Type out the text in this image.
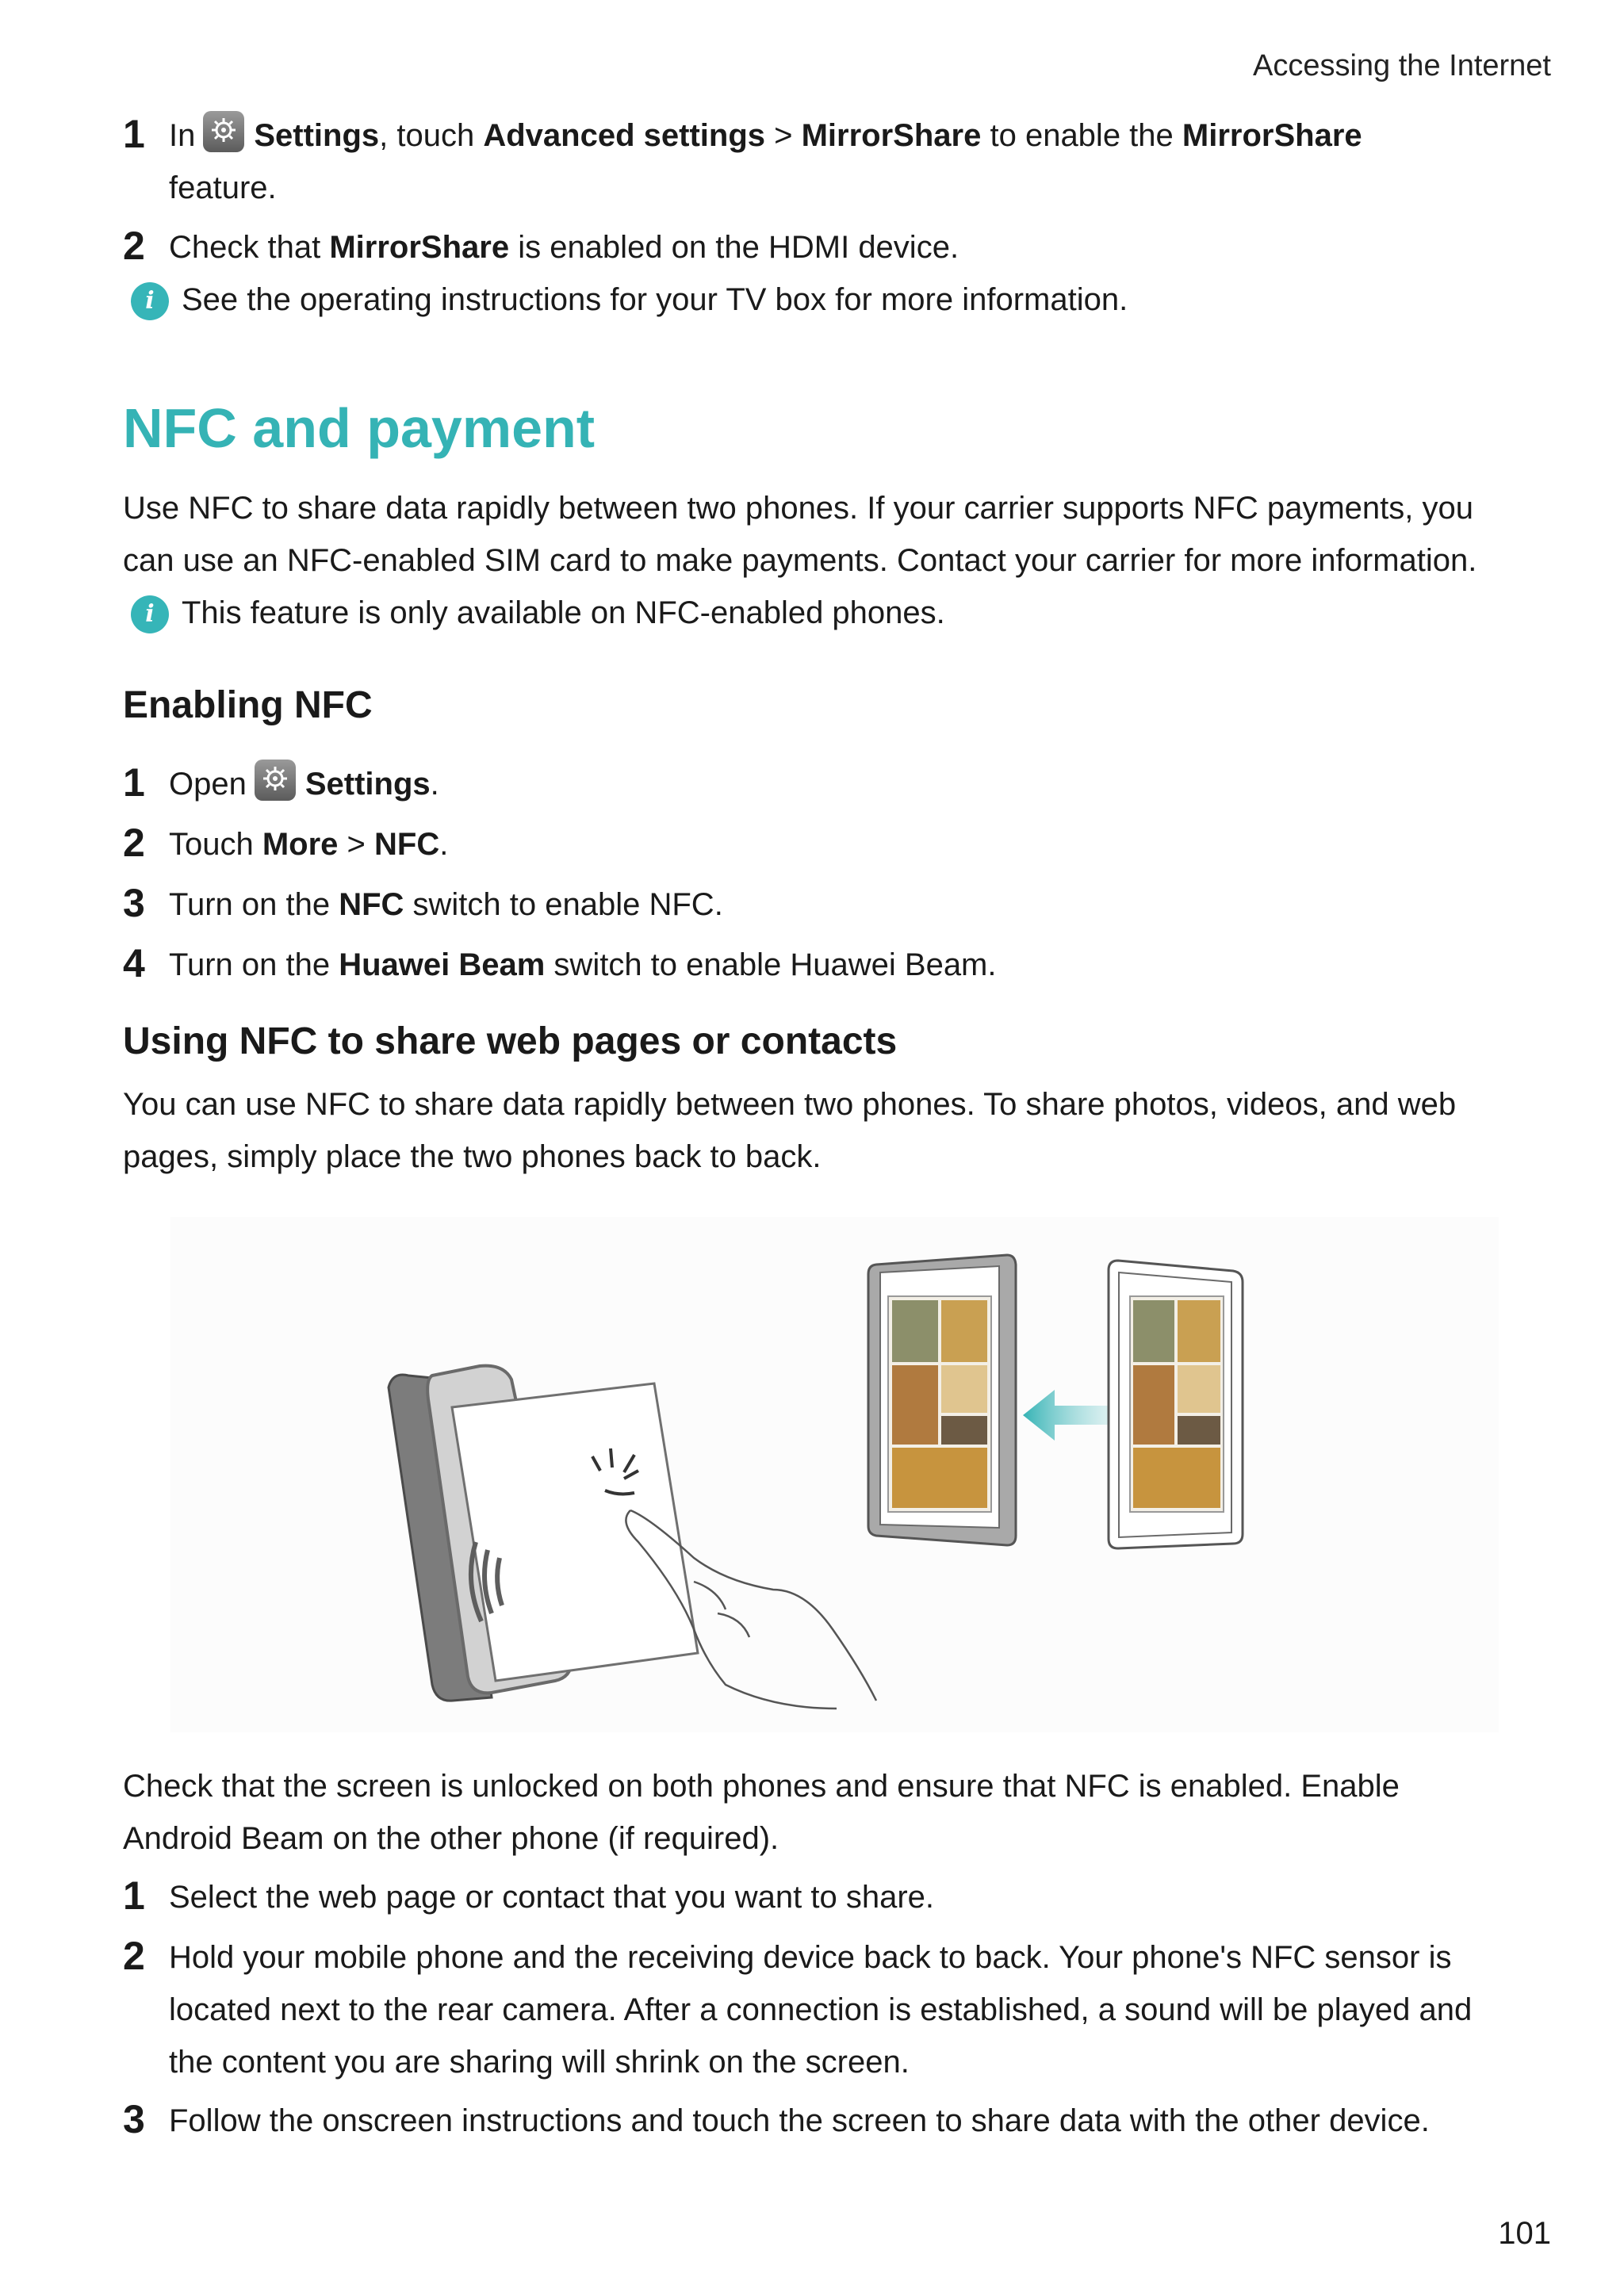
Accessing the Internet
1 In Settings, touch Advanced settings > MirrorShare to enable the MirrorShare
feature.
2 Check that MirrorShare is enabled on the HDMI device.
i See the operating instructions for your TV box for more information.
NFC and payment
Use NFC to share data rapidly between two phones. If your carrier supports NFC payments, you
can use an NFC-enabled SIM card to make payments. Contact your carrier for more information.
i This feature is only available on NFC-enabled phones.
Enabling NFC
1 Open Settings.
2 Touch More > NFC.
3 Turn on the NFC switch to enable NFC.
4 Turn on the Huawei Beam switch to enable Huawei Beam.
Using NFC to share web pages or contacts
You can use NFC to share data rapidly between two phones. To share photos, videos, and web
pages, simply place the two phones back to back.
Check that the screen is unlocked on both phones and ensure that NFC is enabled. Enable
Android Beam on the other phone (if required).
1 Select the web page or contact that you want to share.
2 Hold your mobile phone and the receiving device back to back. Your phone's NFC sensor is
located next to the rear camera. After a connection is established, a sound will be played and
the content you are sharing will shrink on the screen.
3 Follow the onscreen instructions and touch the screen to share data with the other device.
101
